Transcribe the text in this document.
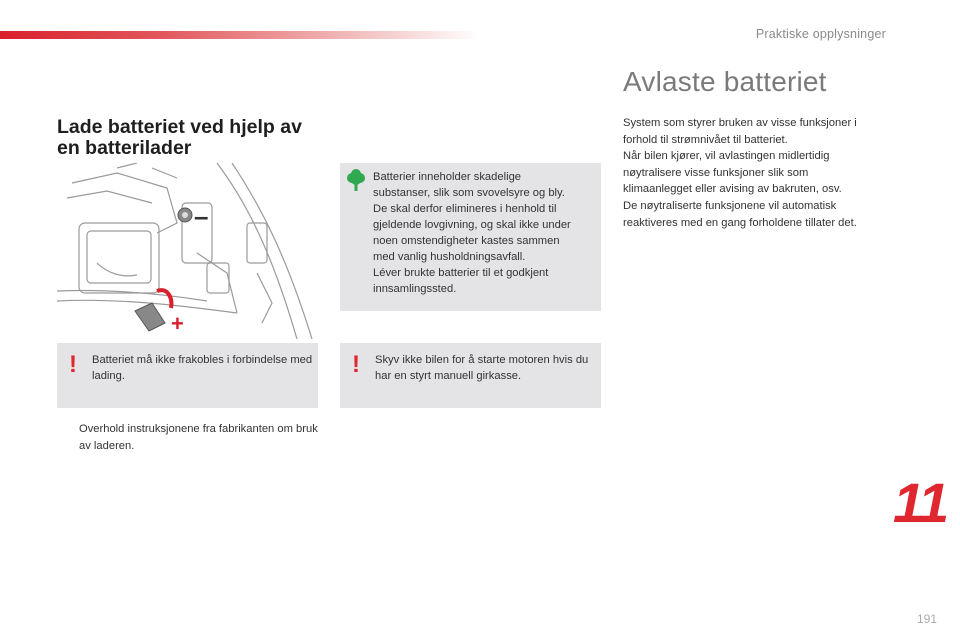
Praktiske opplysninger
Lade batteriet ved hjelp av en batterilader
–
+
Batterier inneholder skadelige
substanser, slik som svovelsyre og bly.
De skal derfor elimineres i henhold til
gjeldende lovgivning, og skal ikke under
noen omstendigheter kastes sammen
med vanlig husholdningsavfall.
Léver brukte batterier til et godkjent
innsamlingssted.
! Batteriet må ikke frakobles i forbindelse med lading.	! Skyv ikke bilen for å starte motoren hvis du har en styrt manuell girkasse.
Overhold instruksjonene fra fabrikanten om bruk av laderen.
Avlaste batteriet
System som styrer bruken av visse funksjoner i
forhold til strømnivået til batteriet.
Når bilen kjører, vil avlastingen midlertidig
nøytralisere visse funksjoner slik som
klimaanlegget eller avising av bakruten, osv.
De nøytraliserte funksjonene vil automatisk
reaktiveres med en gang forholdene tillater det.
11
191
